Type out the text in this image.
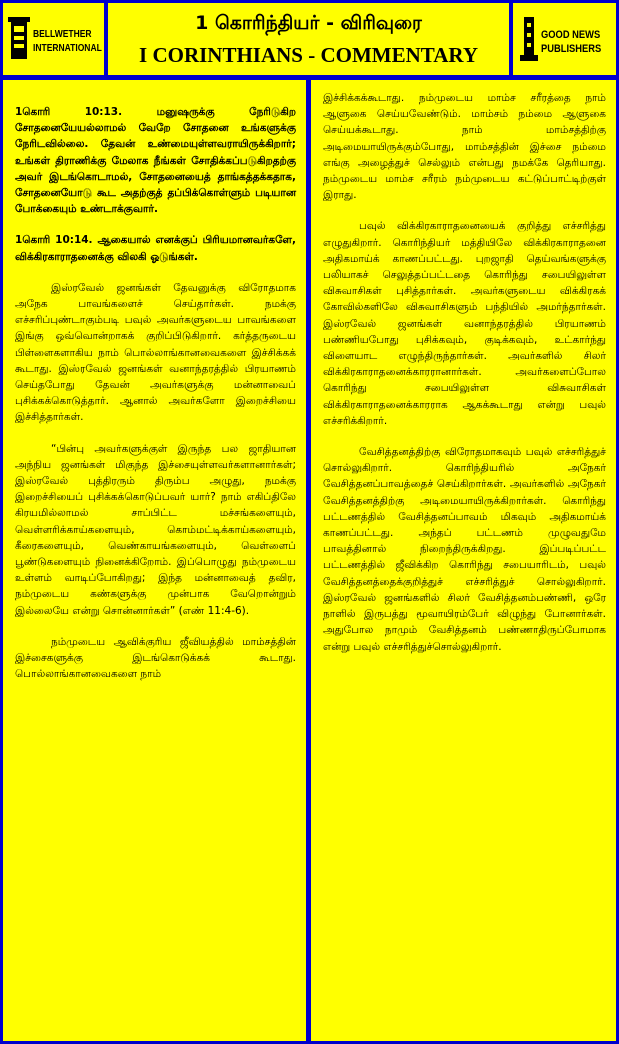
BELLWETHER
INTERNATIONAL
1 கொரிந்தியர் - விரிவுரை
I CORINTHIANS - COMMENTARY
GOOD NEWS
PUBLISHERS

1கொரி 10:13. மனுஷருக்கு நேரிடுகிற சோதனையேயல்லாமல் வேறே சோதனை உங்களுக்கு நேரிடவில்லை. தேவன் உண்மையுள்ளவராயிருக்கிறார்; உங்கள் திராணிக்கு மேலாக நீங்கள் சோதிக்கப்படுகிறதற்கு அவர் இடங்கொடாமல், சோதனையைத் தாங்கத்தக்கதாக, சோதனையோடு கூட அதற்குத் தப்பிக்கொள்ளும் படியான போக்கையும் உண்டாக்குவார்.

1கொரி 10:14. ஆகையால் எனக்குப் பிரியமானவர்களே, விக்கிரகாராதனைக்கு விலகி ஓடுங்கள்.

இஸ்ரவேல் ஜனங்கள் தேவனுக்கு விரோதமாக அநேக பாவங்களைச் செய்தார்கள். நமக்கு எச்சரிப்புண்டாகும்படி பவுல் அவர்களுடைய பாவங்களை இங்கு ஒவ்வொன்றாகக் குறிப்பிடுகிறார். கர்த்தருடைய பிள்ளைகளாகிய நாம் பொல்லாங்கானவைகளை இச்சிக்கக் கூடாது. இஸ்ரவேல் ஜனங்கள் வனாந்தரத்தில் பிரயாணம் செய்தபோது தேவன் அவர்களுக்கு மன்னாவைப் புசிக்கக்கொடுத்தார். ஆனால் அவர்களோ இறைச்சியை இச்சித்தார்கள்.

“பின்பு அவர்களுக்குள் இருந்த பல ஜாதியான அந்நிய ஜனங்கள் மிகுந்த இச்சையுள்ளவர்களானார்கள்; இஸ்ரவேல் புத்திரரும் திரும்ப அழுது, நமக்கு இறைச்சியைப் புசிக்கக்கொடுப்பவர் யார்? நாம் எகிப்திலே கிரயமில்லாமல் சாப்பிட்ட மச்சங்களையும், வெள்ளரிக்காய்களையும், கொம்மட்டிக்காய்களையும், கீரைகளையும், வெண்காயங்களையும், வெள்ளைப் பூண்டுகளையும் நினைக்கிறோம். இப்பொழுது நம்முடைய உள்ளம் வாடிப்போகிறது; இந்த மன்னாவைத் தவிர, நம்முடைய கண்களுக்கு முன்பாக வேறொன்றும் இல்லையே என்று சொன்னார்கள்” (எண் 11:4-6).

நம்முடைய ஆவிக்குரிய ஜீவியத்தில் மாம்சத்தின் இச்சைகளுக்கு இடங்கொடுக்கக் கூடாது. பொல்லாங்கானவைகளை நாம்

இச்சிக்கக்கூடாது. நம்முடைய மாம்ச சரீரத்தை நாம் ஆளுகை செய்யவேண்டும். மாம்சம் நம்மை ஆளுகை செய்யக்கூடாது. நாம் மாம்சத்திற்கு அடிமையாயிருக்கும்போது, மாம்சத்தின் இச்சை நம்மை எங்கு அழைத்துச் செல்லும் என்பது நமக்கே தெரியாது. நம்முடைய மாம்ச சரீரம் நம்முடைய கட்டுப்பாட்டிற்குள் இராது.

பவுல் விக்கிரகாராதனையைக் குறித்து எச்சரித்து எழுதுகிறார். கொரிந்தியர் மத்தியிலே விக்கிரகாராதனை அதிகமாய்க் காணப்பட்டது. புறஜாதி தெய்வங்களுக்கு பலியாகச் செலுத்தப்பட்டதை கொரிந்து சபையிலுள்ள விசுவாசிகள் புசித்தார்கள். அவர்களுடைய விக்கிரகக் கோவில்களிலே விசுவாசிகளும் பந்தியில் அமர்ந்தார்கள். இஸ்ரவேல் ஜனங்கள் வனாந்தரத்தில் பிரயாணம் பண்ணியபோது புசிக்கவும், குடிக்கவும், உட்கார்ந்து விளையாட எழுந்திருந்தார்கள். அவர்களில் சிலர் விக்கிரகாராதனைக்காரரானார்கள். அவர்களைப்போல கொரிந்து சபையிலுள்ள விசுவாசிகள் விக்கிரகாராதனைக்காரராக ஆகக்கூடாது என்று பவுல் எச்சரிக்கிறார்.

வேசித்தனத்திற்கு விரோதமாகவும் பவுல் எச்சரித்துச் சொல்லுகிறார். கொரிந்தியரில் அநேகர் வேசித்தனப்பாவத்தைச் செய்கிறார்கள். அவர்களில் அநேகர் வேசித்தனத்திற்கு அடிமையாயிருக்கிறார்கள். கொரிந்து பட்டணத்தில் வேசித்தனப்பாவம் மிகவும் அதிகமாய்க் காணப்பட்டது. அந்தப் பட்டணம் முழுவதுமே பாவத்தினால் நிறைந்திருக்கிறது. இப்படிப்பட்ட பட்டணத்தில் ஜீவிக்கிற கொரிந்து சபையாரிடம், பவுல் வேசித்தனத்தைக்குறித்துச் எச்சரித்துச் சொல்லுகிறார். இஸ்ரவேல் ஜனங்களில் சிலர் வேசித்தனம்பண்ணி, ஒரே நாளில் இருபத்து மூவாயிரம்பேர் விழுந்து போனார்கள். அதுபோல நாமும் வேசித்தனம் பண்ணாதிருப்போமாக என்று பவுல் எச்சரித்துச்சொல்லுகிறார்.
